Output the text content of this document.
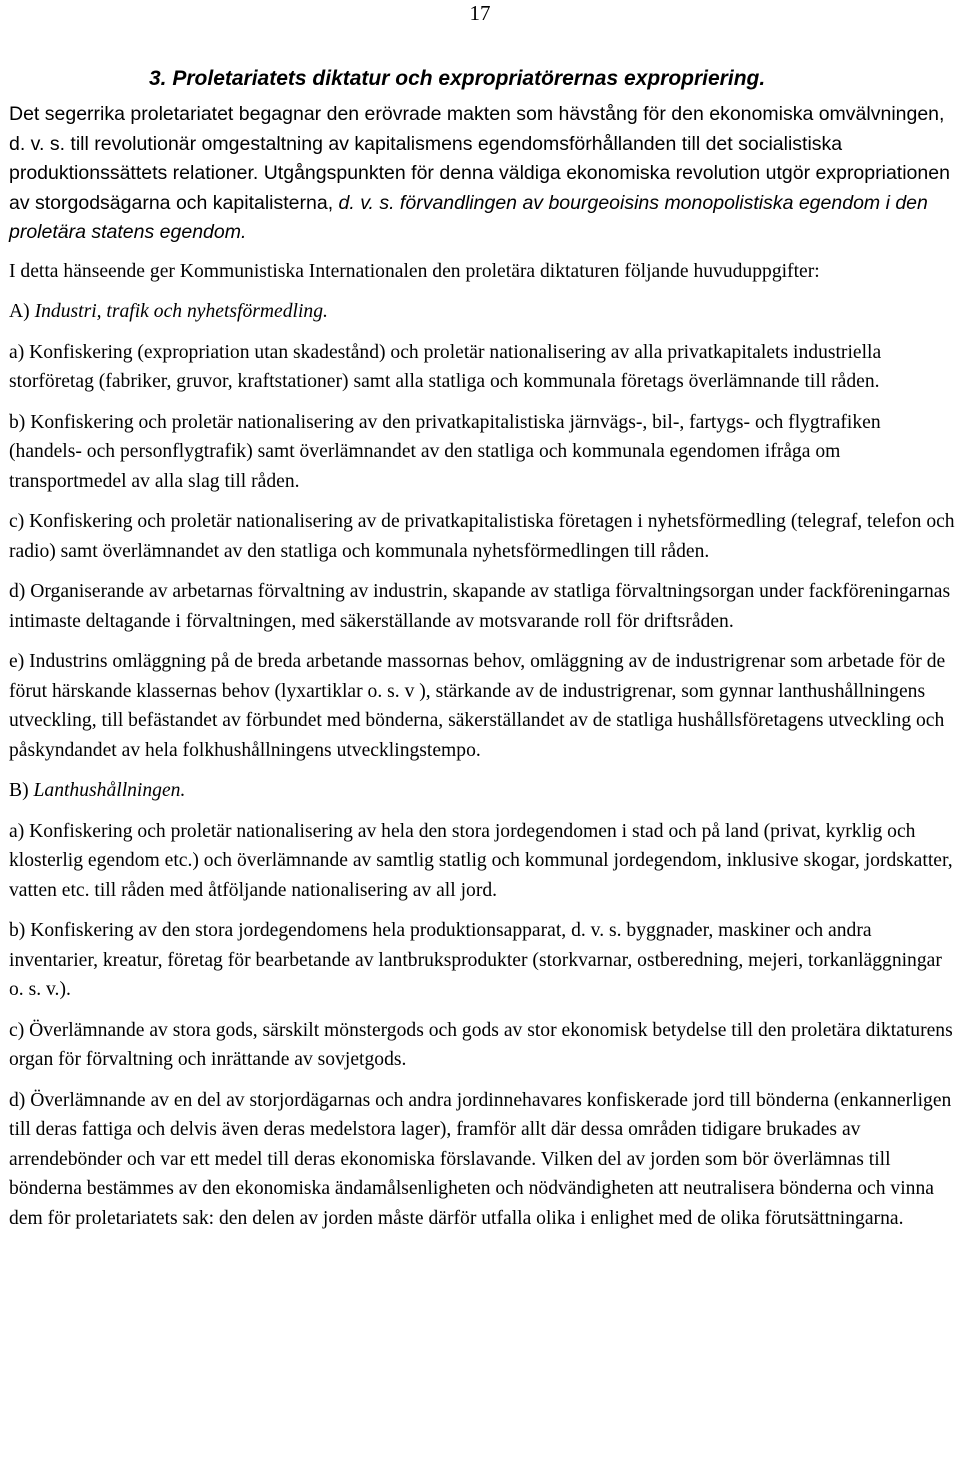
17
3. Proletariatets diktatur och expropriatörernas expropriering.
Det segerrika proletariatet begagnar den erövrade makten som hävstång för den ekonomiska omvälvningen, d. v. s. till revolutionär omgestaltning av kapitalismens egendomsförhållanden till det socialistiska produktionssättets relationer. Utgångspunkten för denna väldiga ekonomiska revolution utgör expropriationen av storgodsägarna och kapitalisterna, d. v. s. förvandlingen av bourgeoisins monopolistiska egendom i den proletära statens egendom.
I detta hänseende ger Kommunistiska Internationalen den proletära diktaturen följande huvuduppgifter:
A) Industri, trafik och nyhetsförmedling.
a) Konfiskering (expropriation utan skadestånd) och proletär nationalisering av alla privatkapitalets industriella storföretag (fabriker, gruvor, kraftstationer) samt alla statliga och kommunala företags överlämnande till råden.
b) Konfiskering och proletär nationalisering av den privatkapitalistiska järnvägs-, bil-, fartygs- och flygtrafiken (handels- och personflygtrafik) samt överlämnandet av den statliga och kommunala egendomen ifråga om transportmedel av alla slag till råden.
c) Konfiskering och proletär nationalisering av de privatkapitalistiska företagen i nyhetsförmedling (telegraf, telefon och radio) samt överlämnandet av den statliga och kommunala nyhetsförmedlingen till råden.
d) Organiserande av arbetarnas förvaltning av industrin, skapande av statliga förvaltningsorgan under fackföreningarnas intimaste deltagande i förvaltningen, med säkerställande av motsvarande roll för driftsråden.
e) Industrins omläggning på de breda arbetande massornas behov, omläggning av de industrigrenar som arbetade för de förut härskande klassernas behov (lyxartiklar o. s. v ), stärkande av de industrigrenar, som gynnar lanthushållningens utveckling, till befästandet av förbundet med bönderna, säkerställandet av de statliga hushållsföretagens utveckling och påskyndandet av hela folkhushållningens utvecklingstempo.
B) Lanthushållningen.
a) Konfiskering och proletär nationalisering av hela den stora jordegendomen i stad och på land (privat, kyrklig och klosterlig egendom etc.) och överlämnande av samtlig statlig och kommunal jordegendom, inklusive skogar, jordskatter, vatten etc. till råden med åtföljande nationalisering av all jord.
b) Konfiskering av den stora jordegendomens hela produktionsapparat, d. v. s. byggnader, maskiner och andra inventarier, kreatur, företag för bearbetande av lantbruksprodukter (storkvarnar, ostberedning, mejeri, torkanläggningar o. s. v.).
c) Överlämnande av stora gods, särskilt mönstergods och gods av stor ekonomisk betydelse till den proletära diktaturens organ för förvaltning och inrättande av sovjetgods.
d) Överlämnande av en del av storjordägarnas och andra jordinnehavares konfiskerade jord till bönderna (enkannerligen till deras fattiga och delvis även deras medelstora lager), framför allt där dessa områden tidigare brukades av arrendebönder och var ett medel till deras ekonomiska förslavande. Vilken del av jorden som bör överlämnas till bönderna bestämmes av den ekonomiska ändamålsenligheten och nödvändigheten att neutralisera bönderna och vinna dem för proletariatets sak: den delen av jorden måste därför utfalla olika i enlighet med de olika förutsättningarna.
